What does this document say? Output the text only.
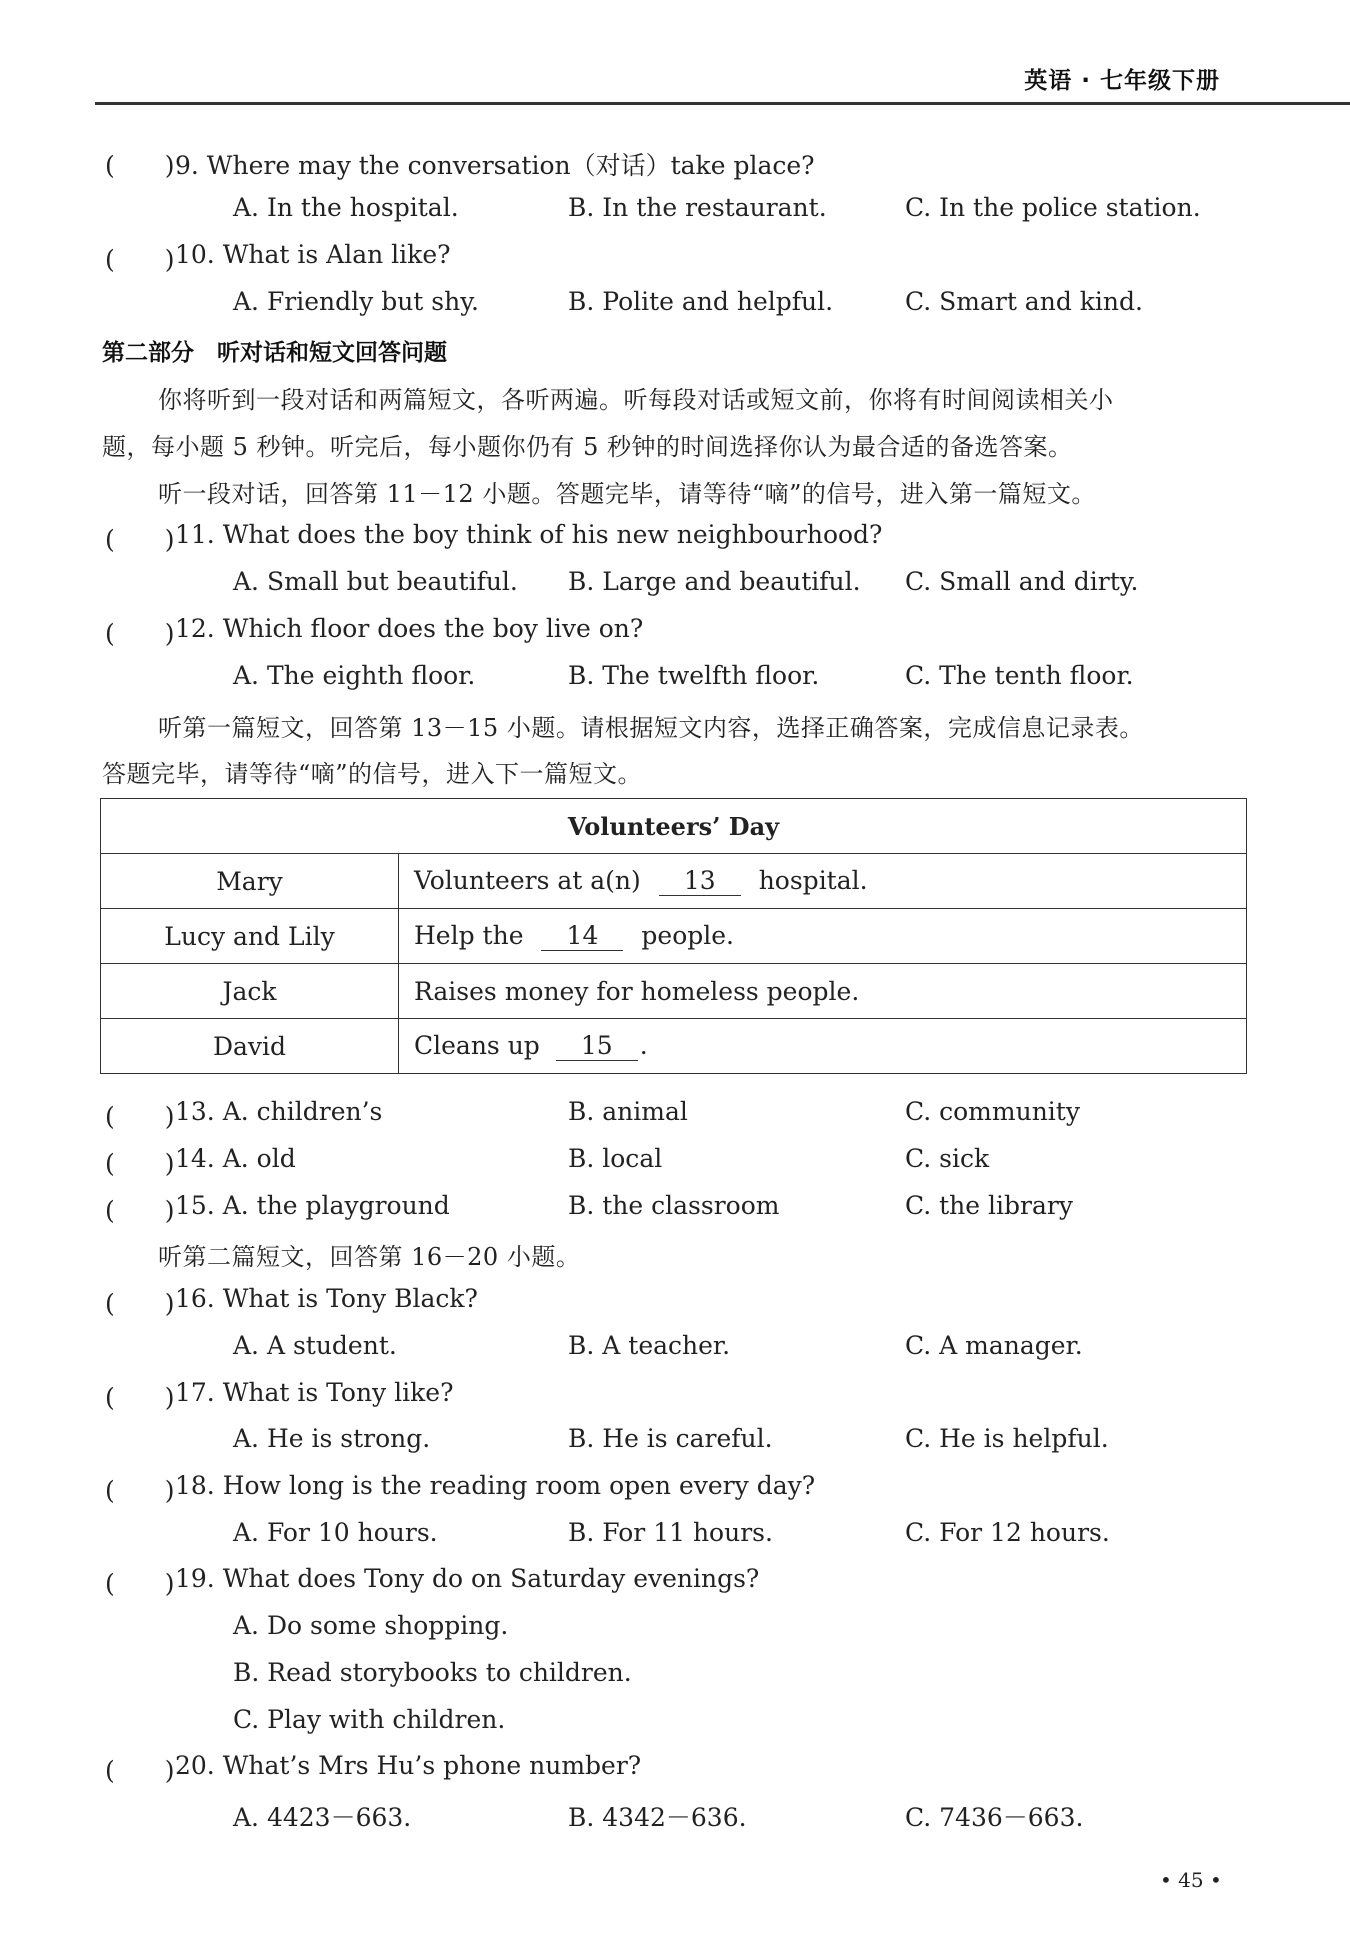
英语 · 七年级下册
(　　) 9. Where may the conversation（对话）take place?
A. In the hospital.	B. In the restaurant.	C. In the police station.
(　　) 10. What is Alan like?
A. Friendly but shy.	B. Polite and helpful.	C. Smart and kind.
第二部分　听对话和短文回答问题
你将听到一段对话和两篇短文，各听两遍。听每段对话或短文前，你将有时间阅读相关小
题，每小题 5 秒钟。听完后，每小题你仍有 5 秒钟的时间选择你认为最合适的备选答案。
听一段对话，回答第 11－12 小题。答题完毕，请等待“嘀”的信号，进入第一篇短文。
(　　) 11. What does the boy think of his new neighbourhood?
A. Small but beautiful. B. Large and beautiful. C. Small and dirty.
(　　) 12. Which floor does the boy live on?
A. The eighth floor.	B. The twelfth floor.	C. The tenth floor.
听第一篇短文，回答第 13－15 小题。请根据短文内容，选择正确答案，完成信息记录表。
答题完毕，请等待“嘀”的信号，进入下一篇短文。
Volunteers’ Day	
Mary	Volunteers at a(n) 13 hospital.
Lucy and Lily	Help the 14 people.
Jack	Raises money for homeless people.
David	Cleans up 15 .
(　　) 13. A. children’s	B. animal	C. community
(　　) 14. A. old	B. local	C. sick
(　　) 15. A. the playground	B. the classroom	C. the library
听第二篇短文，回答第 16－20 小题。
(　　) 16. What is Tony Black?
A. A student.	B. A teacher.	C. A manager.
(　　) 17. What is Tony like?
A. He is strong.	B. He is careful.	C. He is helpful.
(　　) 18. How long is the reading room open every day?
A. For 10 hours.	B. For 11 hours.	C. For 12 hours.
(　　) 19. What does Tony do on Saturday evenings?
A. Do some shopping.
B. Read storybooks to children.
C. Play with children.
(　　) 20. What’s Mrs Hu’s phone number?
A. 4423－663.	B. 4342－636.	C. 7436－663.
• 45 •
